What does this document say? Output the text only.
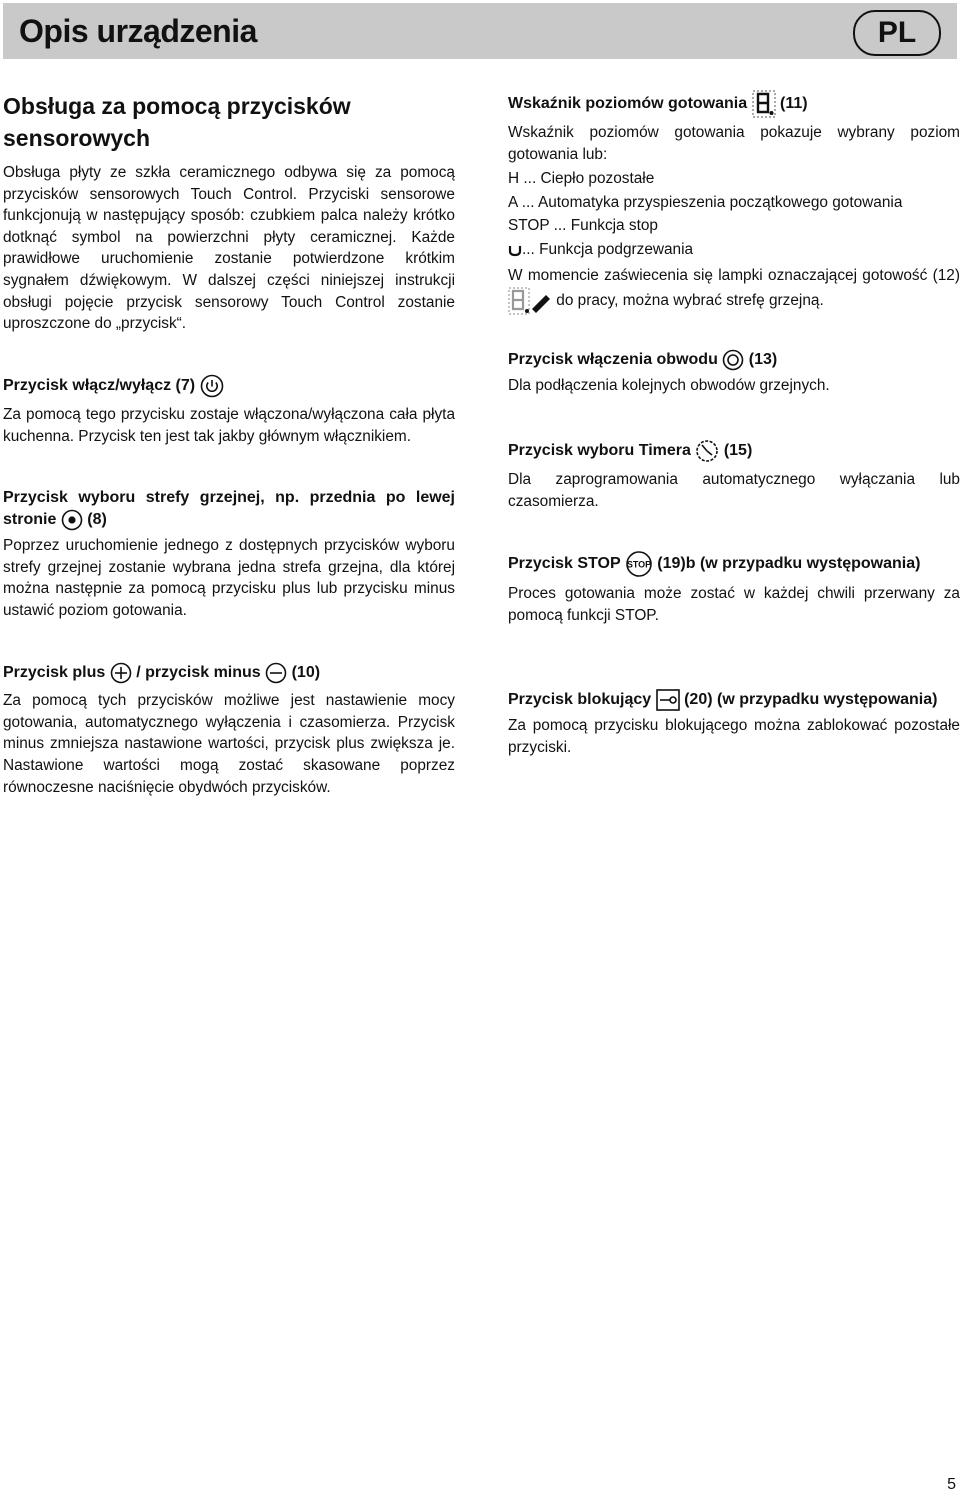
Opis urządzenia	PL

Obsługa za pomocą przycisków sensorowych

Obsługa płyty ze szkła ceramicznego odbywa się za pomocą przycisków sensorowych Touch Control. Przyciski sensorowe funkcjonują w następujący sposób: czubkiem palca należy krótko dotknąć symbol na powierzchni płyty ceramicznej. Każde prawidłowe uruchomienie zostanie potwierdzone krótkim sygnałem dźwiękowym. W dalszej części niniejszej instrukcji obsługi pojęcie przycisk sensorowy Touch Control zostanie uproszczone do „przycisk“.

Przycisk włącz/wyłącz (7)

Za pomocą tego przycisku zostaje włączona/wyłączona cała płyta kuchenna. Przycisk ten jest tak jakby głównym włącznikiem.

Przycisk wyboru strefy grzejnej, np. przednia po lewej stronie (8)

Poprzez uruchomienie jednego z dostępnych przycisków wyboru strefy grzejnej zostanie wybrana jedna strefa grzejna, dla której można następnie za pomocą przycisku plus lub przycisku minus ustawić poziom gotowania.

Przycisk plus / przycisk minus (10)

Za pomocą tych przycisków możliwe jest nastawienie mocy gotowania, automatycznego wyłączenia i czasomierza. Przycisk minus zmniejsza nastawione wartości, przycisk plus zwiększa je. Nastawione wartości mogą zostać skasowane poprzez równoczesne naciśnięcie obydwóch przycisków.

Wskaźnik poziomów gotowania (11)

Wskaźnik poziomów gotowania pokazuje wybrany poziom gotowania lub:

H ... Ciepło pozostałe
A ... Automatyka przyspieszenia początkowego gotowania
STOP ... Funkcja stop
... Funkcja podgrzewania

W momencie zaświecenia się lampki oznaczającej gotowość (12)  do pracy, można wybrać strefę grzejną.

Przycisk włączenia obwodu (13)

Dla podłączenia kolejnych obwodów grzejnych.

Przycisk wyboru Timera (15)

Dla zaprogramowania automatycznego wyłączania lub czasomierza.

Przycisk STOP STOP (19)b (w przypadku występowania)

Proces gotowania może zostać w każdej chwili przerwany za pomocą funkcji STOP.

Przycisk blokujący (20) (w przypadku występowania)

Za pomocą przycisku blokującego można zablokować pozostałe przyciski.

5
